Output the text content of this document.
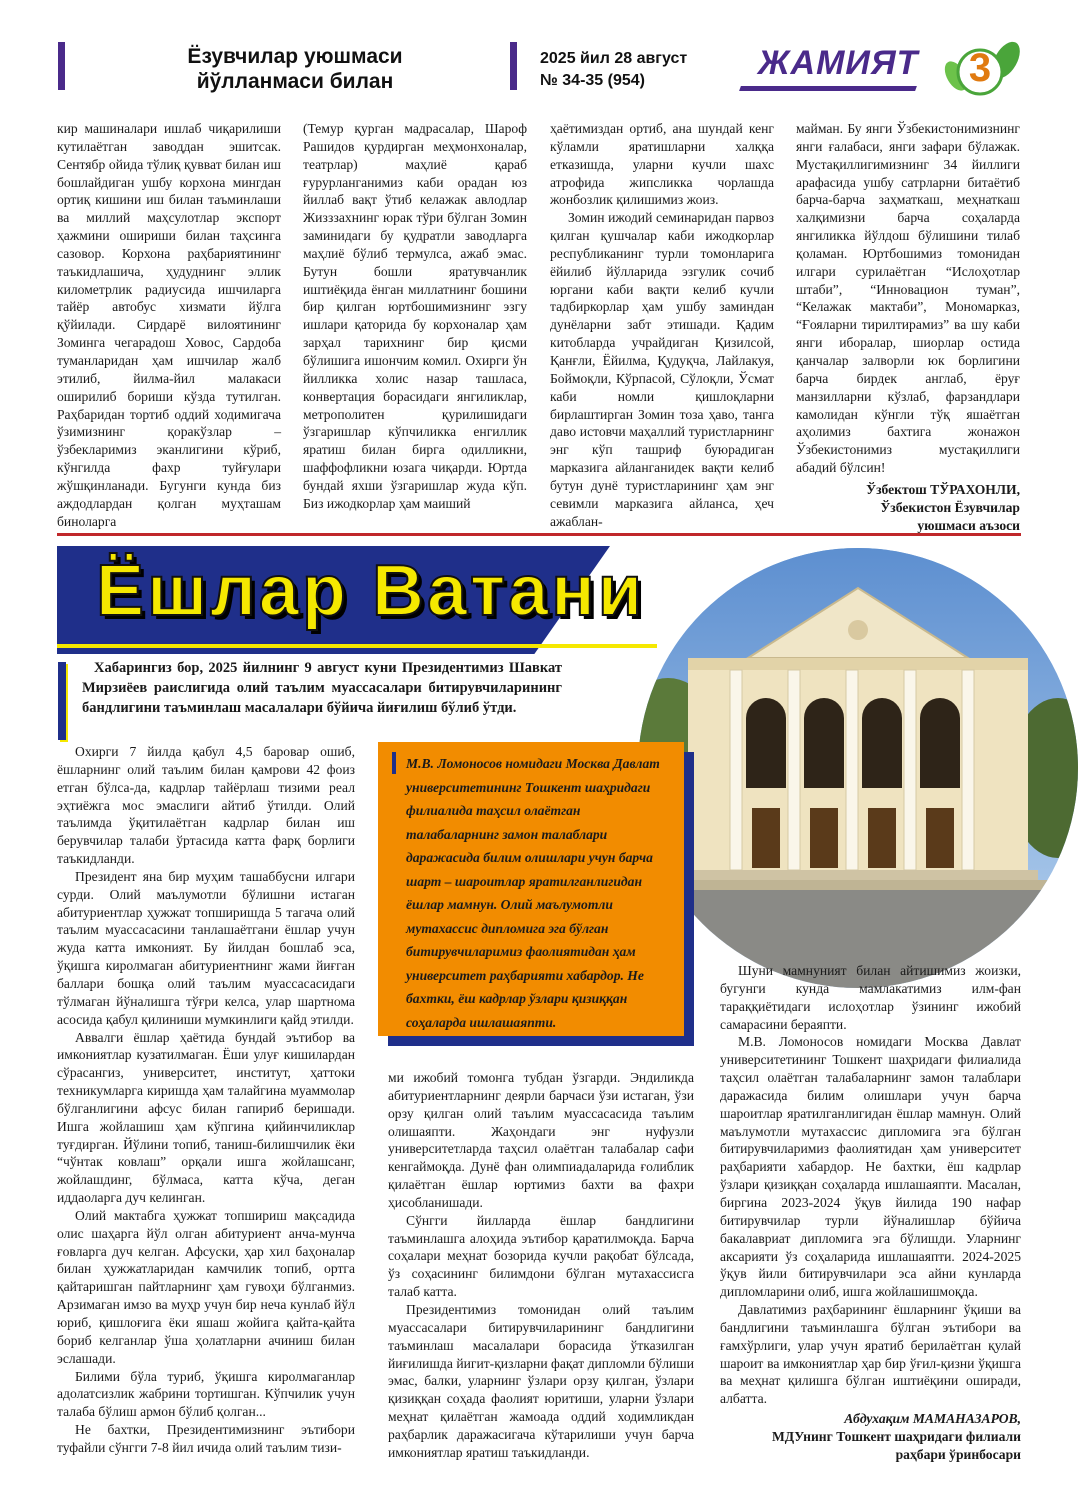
Ёзувчилар уюшмаси
йўлланмаси билан
2025 йил 28 август
№ 34-35 (954)	ЖАМИЯТ 3

кир машиналари ишлаб чиқарилиши кутилаётган заводдан эшитсак. Сентябр ойида тўлиқ қувват билан иш бошлайдиган ушбу корхона мингдан ортиқ кишини иш билан таъминлаши ва миллий маҳсулотлар экспорт ҳажмини ошириши билан таҳсинга сазовор. Корхона раҳбариятининг таъкидлашича, ҳудуднинг эллик километрлик радиусида ишчиларга тайёр автобус хизмати йўлга қўйилади. Сирдарё вилоятининг Зоминга чегарадош Ховос, Сардоба туманларидан ҳам ишчилар жалб этилиб, йилма-йил малакаси оширилиб бориши кўзда тутилган. Раҳбаридан тортиб оддий ходимигача ўзимизнинг қоракўзлар – ўзбекларимиз эканлигини кўриб, кўнгилда фахр туйғулари жўшқинланади. Бугунги кунда биз аждодлардан қолган муҳташам биноларга

(Темур қурган мадрасалар, Шароф Рашидов қурдирган меҳмонхоналар, театрлар) маҳлиё қараб ғурурланганимиз каби орадан юз йиллаб вақт ўтиб келажак авлодлар Жизззахнинг юрак тўри бўлган Зомин заминидаги бу қудратли заводларга маҳлиё бўлиб термулса, ажаб эмас. Бутун бошли яратувчанлик иштиёқида ёнган миллатнинг бошини бир қилган юртбошимизнинг эзгу ишлари қаторида бу корхоналар ҳам зарҳал тарихнинг бир қисми бўлишига ишончим комил. Охирги ўн йилликка холис назар ташласа, конвертация борасидаги янгиликлар, метрополитен қурилишидаги ўзгаришлар кўпчиликка енгиллик яратиш билан бирга одилликни, шаффофликни юзага чиқарди. Юртда бундай яхши ўзгаришлар жуда кўп. Биз ижодкорлар ҳам маиший

ҳаётимиздан ортиб, ана шундай кенг кўламли яратишларни халққа етказишда, уларни кучли шахс атрофида жипсликка чорлашда жонбозлик қилишимиз жоиз.

Зомин ижодий семинаридан парвоз қилган қушчалар каби ижодкорлар республиканинг турли томонларига ёйилиб йўлларида эзгулик сочиб юргани каби вақти келиб кучли тадбиркорлар ҳам ушбу заминдан дунёларни забт этишади. Қадим китобларда учрайдиган Қизилсой, Қанғли, Ёйилма, Қудуқча, Лайлакуя, Боймоқли, Кўрпасой, Сўлоқли, Ўсмат каби номли қишлоқларни бирлаштирган Зомин тоза ҳаво, танга даво истовчи маҳаллий туристларнинг энг кўп ташриф буюрадиган марказига айланганидек вақти келиб бутун дунё туристларининг ҳам энг севимли марказига айланса, ҳеч ажаблан-

майман. Бу янги Ўзбекистонимизнинг янги ғалабаси, янги зафари бўлажак. Мустақиллигимизнинг 34 йиллиги арафасида ушбу сатрларни битаётиб барча-барча заҳматкаш, меҳнаткаш халқимизни барча соҳаларда янгиликка йўлдош бўлишини тилаб қоламан. Юртбошимиз томонидан илгари сурилаётган “Ислоҳотлар штаби”, “Инновацион туман”, “Келажак мактаби”, Мономарказ, “Ғояларни тирилтирамиз” ва шу каби янги иборалар, шиорлар остида қанчалар залворли юк борлигини барча бирдек англаб, ёруғ манзилларни кўзлаб, фарзандлари камолидан кўнгли тўқ яшаётган аҳолимиз бахтига жонажон Ўзбекистонимиз мустақиллиги абадий бўлсин!

Ўзбектош ТЎРАХОНЛИ,
Ўзбекистон Ёзувчилар
уюшмаси аъзоси
Ёшлар Ватани
Хабарингиз бор, 2025 йилнинг 9 август куни Президентимиз Шавкат Мирзиёев раислигида олий таълим муассасалари битирувчиларининг бандлигини таъминлаш масалалари бўйича йиғилиш бўлиб ўтди.
М.В. Ломоносов номидаги Москва Давлат университетининг Тошкент шаҳридаги филиалида таҳсил олаётган талабаларнинг замон талаблари даражасида билим олишлари учун барча шарт – шароитлар яратилганлигидан ёшлар мамнун. Олий маълумотли мутахассис дипломига эга бўлган битирувчиларимиз фаолиятидан ҳам университет раҳбарияти хабардор. Не бахтки, ёш кадрлар ўзлари қизиққан соҳаларда ишлашаяпти.

Охирги 7 йилда қабул 4,5 баровар ошиб, ёшларнинг олий таълим билан қамрови 42 фоиз етган бўлса-да, кадрлар тайёрлаш тизими реал эҳтиёжга мос эмаслиги айтиб ўтилди. Олий таълимда ўқитилаётган кадрлар билан иш берувчилар талаби ўртасида катта фарқ борлиги таъкидланди.

Президент яна бир муҳим ташаббусни илгари сурди. Олий маълумотли бўлишни истаган абитуриентлар ҳужжат топширишда 5 тагача олий таълим муассасасини танлашаётгани ёшлар учун жуда катта имконият. Бу йилдан бошлаб эса, ўқишга киролмаган абитуриентнинг жами йиғган баллари бошқа олий таълим муассасасидаги тўлмаган йўналишга тўғри келса, улар шартнома асосида қабул қилиниши мумкинлиги қайд этилди.

Аввалги ёшлар ҳаётида бундай эътибор ва имкониятлар кузатилмаган. Ёши улуғ кишилардан сўрасангиз, университет, институт, ҳаттоки техникумларга киришда ҳам талайгина муаммолар бўлганлигини афсус билан гапириб беришади. Ишга жойлашиш ҳам кўпгина қийинчиликлар туғдирган. Йўлини топиб, таниш-билишчилик ёки “чўнтак ковлаш” орқали ишга жойлашсанг, жойлашдинг, бўлмаса, катта кўча, деган иддаоларга дуч келинган.

Олий мактабга ҳужжат топшириш мақсадида олис шаҳарга йўл олган абитуриент анча-мунча ғовларга дуч келган. Афсуски, ҳар хил баҳоналар билан ҳужжатларидан камчилик топиб, ортга қайтаришган пайтларнинг ҳам гувоҳи бўлганмиз. Арзимаган имзо ва муҳр учун бир неча кунлаб йўл юриб, қишлоғига ёки яшаш жойига қайта-қайта бориб келганлар ўша ҳолатларни ачиниш билан эслашади.

Билими бўла туриб, ўқишга киролмаганлар адолатсизлик жабрини тортишган. Кўпчилик учун талаба бўлиш армон бўлиб қолган...

Не бахтки, Президентимизнинг эътибори туфайли сўнгги 7-8 йил ичида олий таълим тизи-

ми ижобий томонга тубдан ўзгарди. Эндиликда абитуриентларнинг деярли барчаси ўзи истаган, ўзи орзу қилган олий таълим муассасасида таълим олишаяпти. Жаҳондаги энг нуфузли университетларда таҳсил олаётган талабалар сафи кенгаймоқда. Дунё фан олимпиадаларида ғолиблик қилаётган ёшлар юртимиз бахти ва фахри ҳисобланишади.

Сўнгги йилларда ёшлар бандлигини таъминлашга алоҳида эътибор қаратилмоқда. Барча соҳалари меҳнат бозорида кучли рақобат бўлсада, ўз соҳасининг билимдони бўлган мутахассисга талаб катта.

Президентимиз томонидан олий таълим муассасалари битирувчиларининг бандлигини таъминлаш масалалари борасида ўтказилган йиғилишда йигит-қизларни фақат дипломли бўлиши эмас, балки, уларнинг ўзлари орзу қилган, ўзлари қизиққан соҳада фаолият юритиши, уларни ўзлари меҳнат қилаётган жамоада оддий ходимликдан раҳбарлик даражасигача кўтарилиши учун барча имкониятлар яратиш таъкидланди.

Шуни мамнуният билан айтишимиз жоизки, бугунги кунда мамлакатимиз илм-фан тараққиётидаги ислоҳотлар ўзининг ижобий самарасини бераяпти.

М.В. Ломоносов номидаги Москва Давлат университетининг Тошкент шаҳридаги филиалида таҳсил олаётган талабаларнинг замон талаблари даражасида билим олишлари учун барча шароитлар яратилганлигидан ёшлар мамнун. Олий маълумотли мутахассис дипломига эга бўлган битирувчиларимиз фаолиятидан ҳам университет раҳбарияти хабардор. Не бахтки, ёш кадрлар ўзлари қизиққан соҳаларда ишлашаяпти. Масалан, биргина 2023-2024 ўқув йилида 190 нафар битирувчилар турли йўналишлар бўйича бакалавриат дипломига эга бўлишди. Уларнинг аксарияти ўз соҳаларида ишлашаяпти. 2024-2025 ўқув йили битирувчилари эса айни кунларда дипломларини олиб, ишга жойлашишмоқда.

Давлатимиз раҳбарининг ёшларнинг ўқиши ва бандлигини таъминлашга бўлган эътибори ва ғамхўрлиги, улар учун яратиб берилаётган қулай шароит ва имкониятлар ҳар бир ўғил-қизни ўқишга ва меҳнат қилишга бўлган иштиёқини оширади, албатта.

Абдухақим МАМАНАЗАРОВ,
МДУнинг Тошкент шаҳридаги филиали
раҳбари ўринбосари
